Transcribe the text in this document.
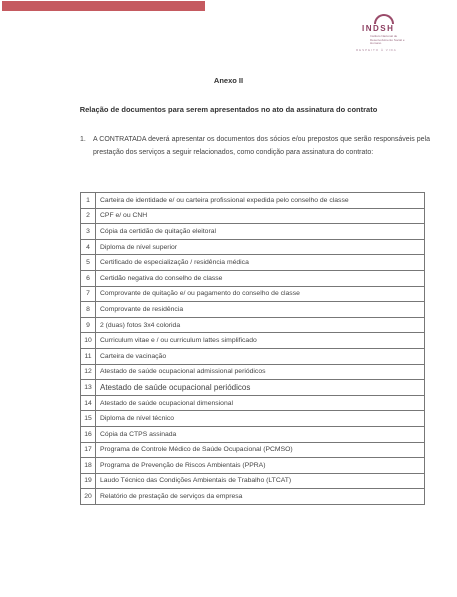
INDSH
Instituto Nacional de Desenvolvimento Social e Humano
RESPEITO À VIDA
Anexo II
Relação de documentos para serem apresentados no ato da assinatura do contrato
1. A CONTRATADA deverá apresentar os documentos dos sócios e/ou prepostos que serão responsáveis pela prestação dos serviços a seguir relacionados, como condição para assinatura do contrato:
1	Carteira de identidade e/ ou carteira profissional expedida pelo conselho de classe
2	CPF e/ ou CNH
3	Cópia da certidão de quitação eleitoral
4	Diploma de nível superior
5	Certificado de especialização / residência médica
6	Certidão negativa do conselho de classe
7	Comprovante de quitação e/ ou pagamento do conselho de classe
8	Comprovante de residência
9	2 (duas) fotos 3x4 colorida
10	Curriculum vitae e / ou curriculum lattes simplificado
11	Carteira de vacinação
12	Atestado de saúde ocupacional admissional periódicos
13	Atestado de saúde ocupacional periódicos
14	Atestado de saúde ocupacional dimensional
15	Diploma de nível técnico
16	Cópia da CTPS assinada
17	Programa de Controle Médico de Saúde Ocupacional (PCMSO)
18	Programa de Prevenção de Riscos Ambientais (PPRA)
19	Laudo Técnico das Condições Ambientais de Trabalho (LTCAT)
20	Relatório de prestação de serviços da empresa
